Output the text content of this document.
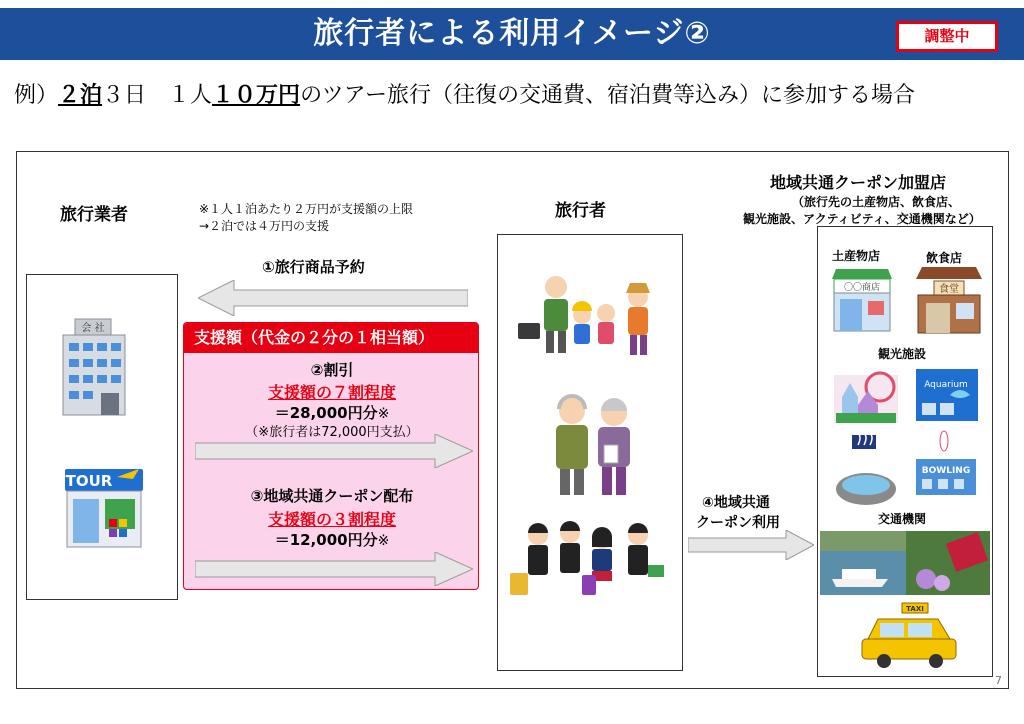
旅行者による利用イメージ②	調整中
例）２泊３日　１人１０万円のツアー旅行（往復の交通費、宿泊費等込み）に参加する場合
旅行業者
会 社
TOUR
※１人１泊あたり２万円が支援額の上限
→２泊では４万円の支援
①旅行商品予約
支援額（代金の２分の１相当額）
②割引
支援額の７割程度
＝28,000円分※
（※旅行者は72,000円支払）
③地域共通クーポン配布
支援額の３割程度
＝12,000円分※
旅行者
④地域共通
クーポン利用
地域共通クーポン加盟店
（旅行先の土産物店、飲食店、
観光施設、アクティビティ、交通機関など）
土産物店	飲食店
観光施設
交通機関
〇〇商店	食堂
Aquarium
BOWLING
TAXI
7
